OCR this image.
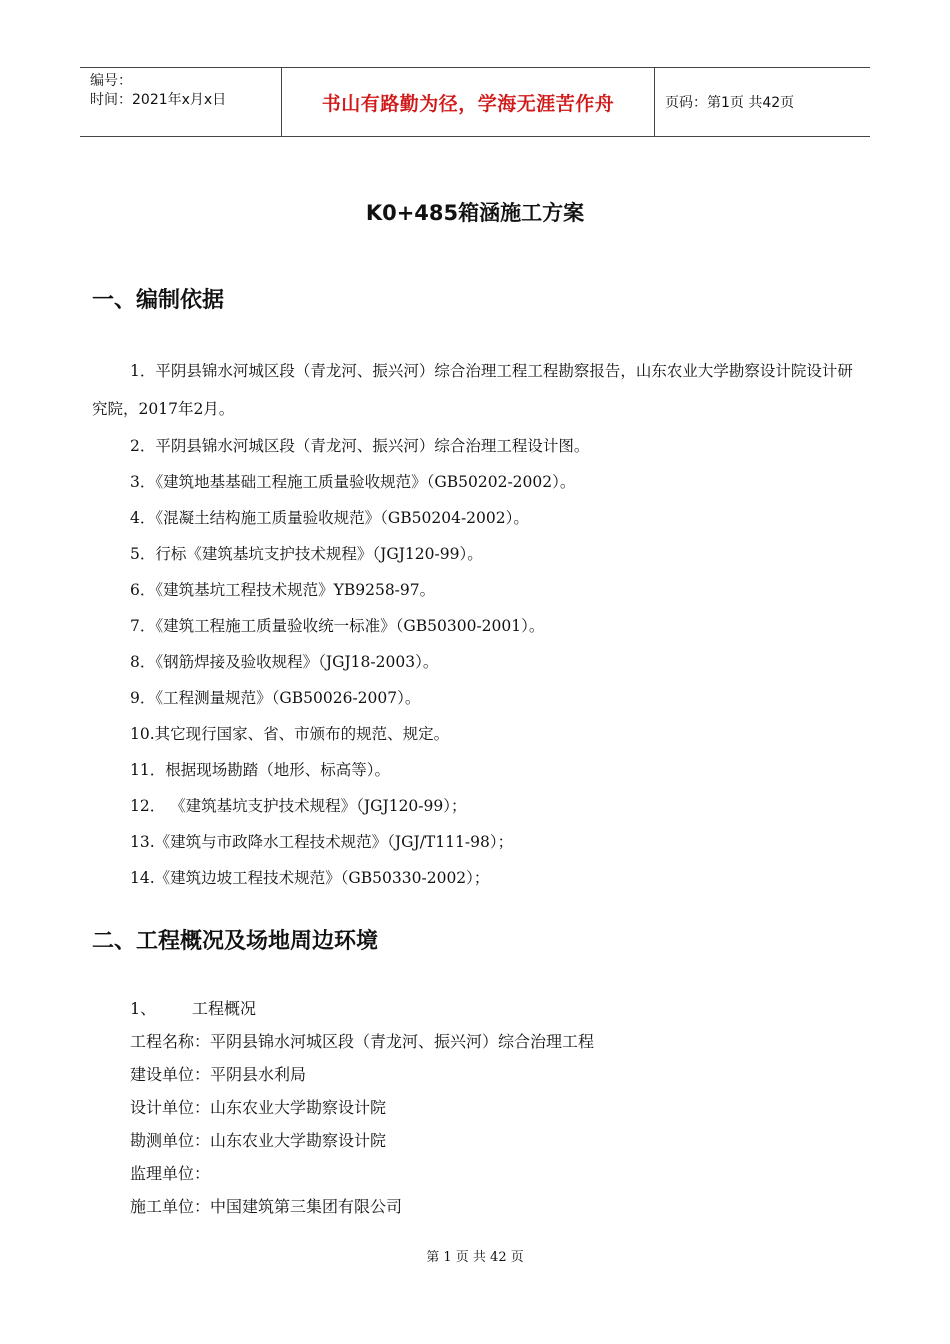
编号：
时间：2021年x月x日	书山有路勤为径，学海无涯苦作舟	页码：第1页 共42页
K0+485箱涵施工方案
一、编制依据
1．平阴县锦水河城区段（青龙河、振兴河）综合治理工程工程勘察报告，山东农业大学勘察设计院设计研究院，2017年2月。
2．平阴县锦水河城区段（青龙河、振兴河）综合治理工程设计图。
3．《建筑地基基础工程施工质量验收规范》（GB50202-2002）。
4．《混凝土结构施工质量验收规范》（GB50204-2002）。
5．行标《建筑基坑支护技术规程》（JGJ120-99）。
6．《建筑基坑工程技术规范》YB9258-97。
7．《建筑工程施工质量验收统一标准》（GB50300-2001）。
8．《钢筋焊接及验收规程》（JGJ18-2003）。
9．《工程测量规范》（GB50026-2007）。
10.其它现行国家、省、市颁布的规范、规定。
11．根据现场勘踏（地形、标高等）。
12． 《建筑基坑支护技术规程》（JGJ120-99）；
13.《建筑与市政降水工程技术规范》（JGJ/T111-98）；
14.《建筑边坡工程技术规范》（GB50330-2002）；
二、工程概况及场地周边环境
1、 工程概况
工程名称：平阴县锦水河城区段（青龙河、振兴河）综合治理工程
建设单位：平阴县水利局
设计单位：山东农业大学勘察设计院
勘测单位：山东农业大学勘察设计院
监理单位：
施工单位：中国建筑第三集团有限公司
第 1 页 共 42 页
